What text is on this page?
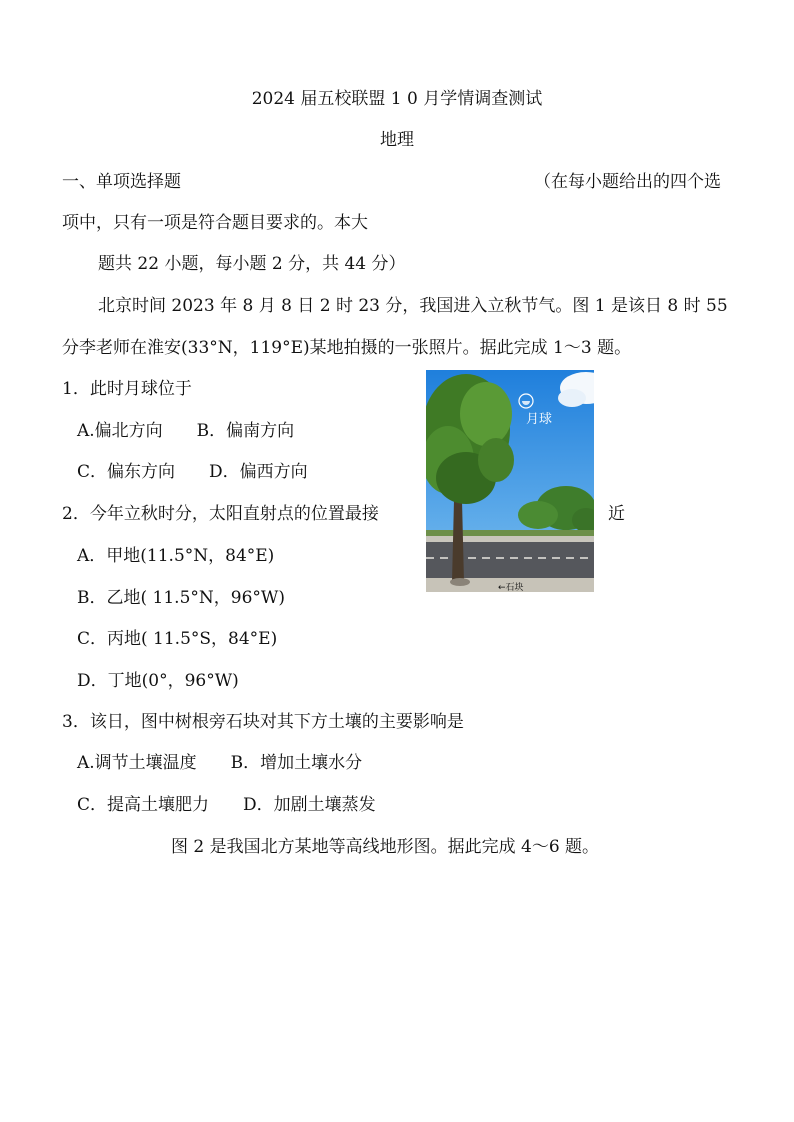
2024 届五校联盟 1 0 月学情调查测试
地理
一、单项选择题	（在每小题给出的四个选
项中，只有一项是符合题目要求的。本大
题共 22 小题，每小题 2 分，共 44 分）
北京时间 2023 年 8 月 8 日 2 时 23 分，我国进入立秋节气。图 1 是该日 8 时 55
分李老师在淮安(33°N，119°E)某地拍摄的一张照片。据此完成 1～3 题。
1．此时月球位于
A.偏北方向　　B．偏南方向
C．偏东方向　　D．偏西方向
2．今年立秋时分，太阳直射点的位置最接	近
A．甲地(11.5°N，84°E)
B．乙地( 11.5°N，96°W)
C．丙地( 11.5°S，84°E)
D．丁地(0°，96°W)
3．该日，图中树根旁石块对其下方土壤的主要影响是
A.调节土壤温度　　B．增加土壤水分
C．提高土壤肥力　　D．加剧土壤蒸发
图 2 是我国北方某地等高线地形图。据此完成 4～6 题。
月球
←石块
